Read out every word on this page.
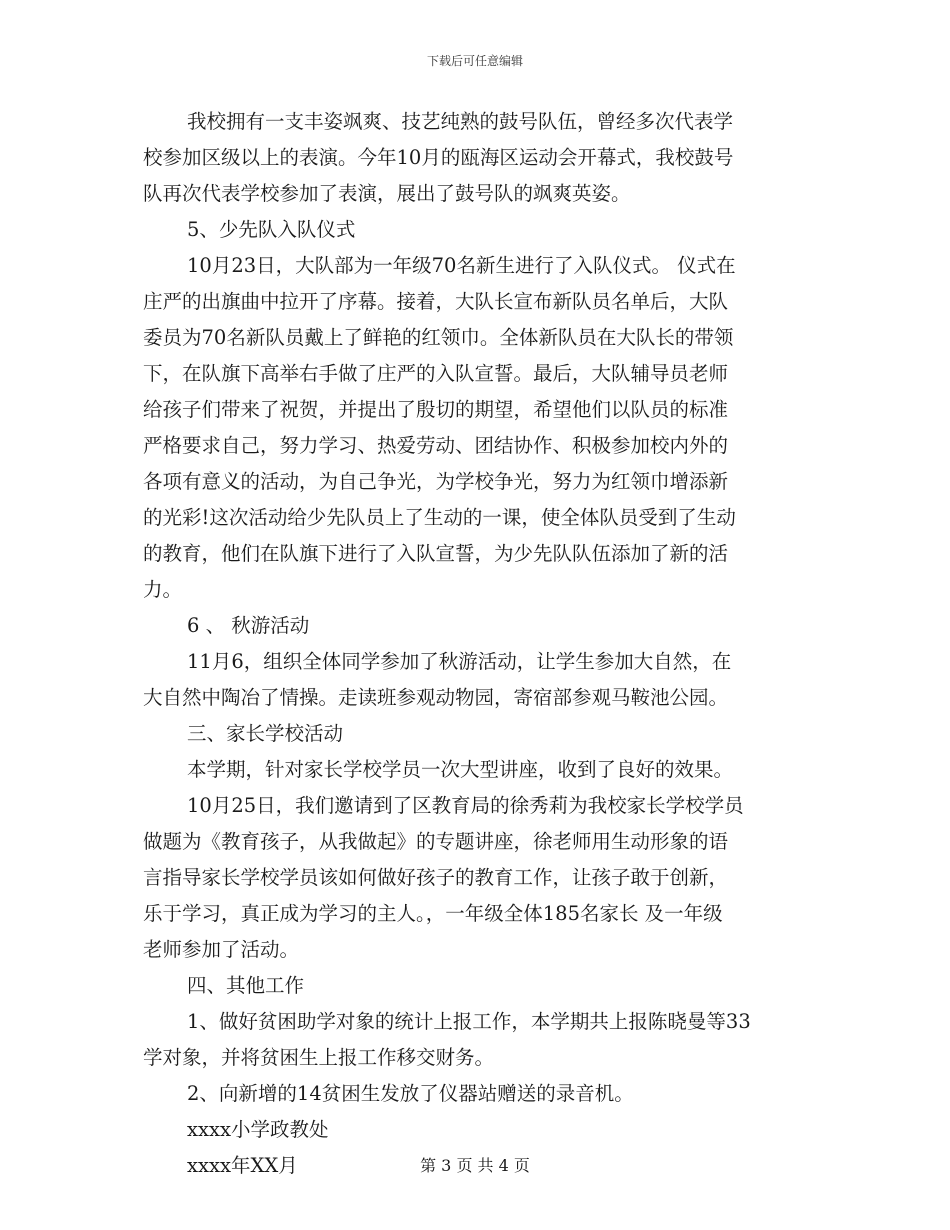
下载后可任意编辑
我校拥有一支丰姿飒爽、技艺纯熟的鼓号队伍，曾经多次代表学
校参加区级以上的表演。今年10月的瓯海区运动会开幕式，我校鼓号
队再次代表学校参加了表演，展出了鼓号队的飒爽英姿。
5、少先队入队仪式
10月23日，大队部为一年级70名新生进行了入队仪式。 仪式在
庄严的出旗曲中拉开了序幕。接着，大队长宣布新队员名单后，大队
委员为70名新队员戴上了鲜艳的红领巾。全体新队员在大队长的带领
下，在队旗下高举右手做了庄严的入队宣誓。最后，大队辅导员老师
给孩子们带来了祝贺，并提出了殷切的期望，希望他们以队员的标准
严格要求自己，努力学习、热爱劳动、团结协作、积极参加校内外的
各项有意义的活动，为自己争光，为学校争光，努力为红领巾增添新
的光彩!这次活动给少先队员上了生动的一课，使全体队员受到了生动
的教育，他们在队旗下进行了入队宣誓，为少先队队伍添加了新的活
力。
6 、 秋游活动
11月6，组织全体同学参加了秋游活动，让学生参加大自然，在
大自然中陶冶了情操。走读班参观动物园，寄宿部参观马鞍池公园。
三、家长学校活动
本学期，针对家长学校学员一次大型讲座，收到了良好的效果。
10月25日，我们邀请到了区教育局的徐秀莉为我校家长学校学员
做题为《教育孩子，从我做起》的专题讲座，徐老师用生动形象的语
言指导家长学校学员该如何做好孩子的教育工作，让孩子敢于创新，
乐于学习，真正成为学习的主人。，一年级全体185名家长 及一年级
老师参加了活动。
四、其他工作
1、做好贫困助学对象的统计上报工作，本学期共上报陈晓曼等33
学对象，并将贫困生上报工作移交财务。
2、向新增的14贫困生发放了仪器站赠送的录音机。
xxxx小学政教处
xxxx年XX月	第 3 页 共 4 页
